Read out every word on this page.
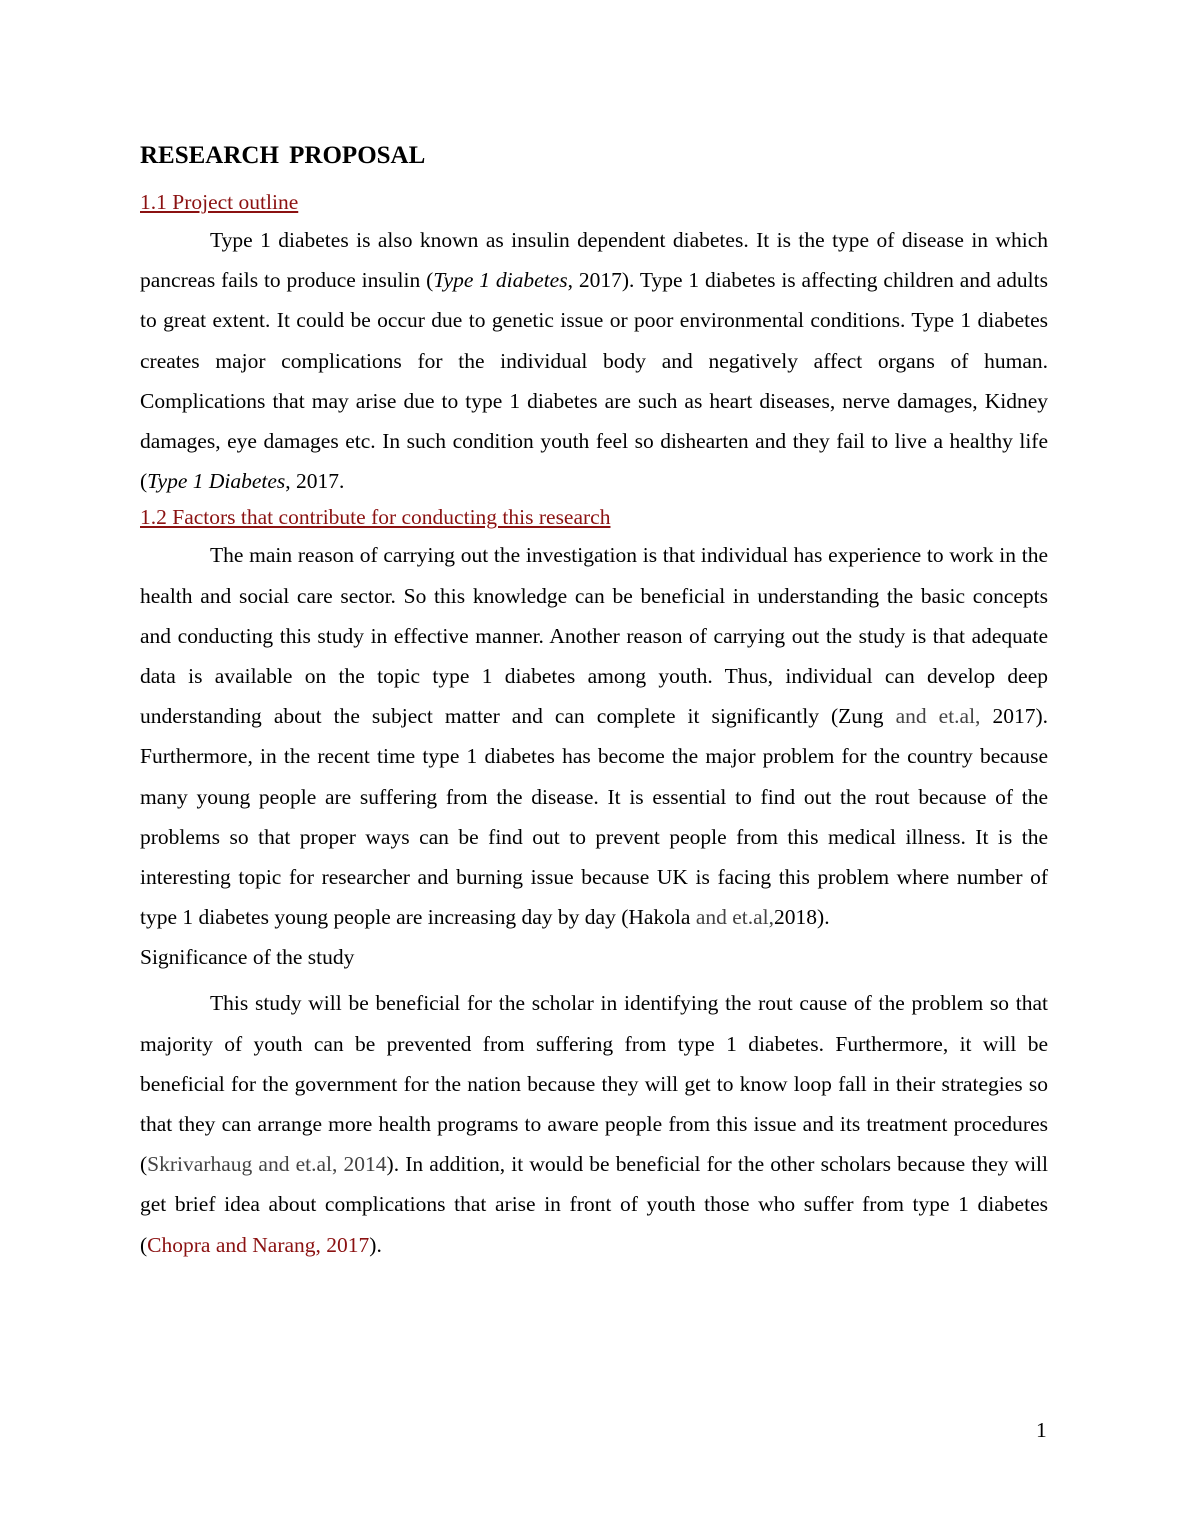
RESEARCH PROPOSAL
1.1 Project outline

Type 1 diabetes is also known as insulin dependent diabetes. It is the type of disease in which pancreas fails to produce insulin (Type 1 diabetes, 2017). Type 1 diabetes is affecting children and adults to great extent. It could be occur due to genetic issue or poor environmental conditions. Type 1 diabetes creates major complications for the individual body and negatively affect organs of human. Complications that may arise due to type 1 diabetes are such as heart diseases, nerve damages, Kidney damages, eye damages etc. In such condition youth feel so dishearten and they fail to live a healthy life (Type 1 Diabetes, 2017.

1.2 Factors that contribute for conducting this research

The main reason of carrying out the investigation is that individual has experience to work in the health and social care sector. So this knowledge can be beneficial in understanding the basic concepts and conducting this study in effective manner. Another reason of carrying out the study is that adequate data is available on the topic type 1 diabetes among youth. Thus, individual can develop deep understanding about the subject matter and can complete it significantly (Zung and et.al, 2017). Furthermore, in the recent time type 1 diabetes has become the major problem for the country because many young people are suffering from the disease. It is essential to find out the rout because of the problems so that proper ways can be find out to prevent people from this medical illness. It is the interesting topic for researcher and burning issue because UK is facing this problem where number of type 1 diabetes young people are increasing day by day (Hakola and et.al,2018).

Significance of the study

This study will be beneficial for the scholar in identifying the rout cause of the problem so that majority of youth can be prevented from suffering from type 1 diabetes. Furthermore, it will be beneficial for the government for the nation because they will get to know loop fall in their strategies so that they can arrange more health programs to aware people from this issue and its treatment procedures (Skrivarhaug and et.al, 2014). In addition, it would be beneficial for the other scholars because they will get brief idea about complications that arise in front of youth those who suffer from type 1 diabetes (Chopra and Narang, 2017).

1
